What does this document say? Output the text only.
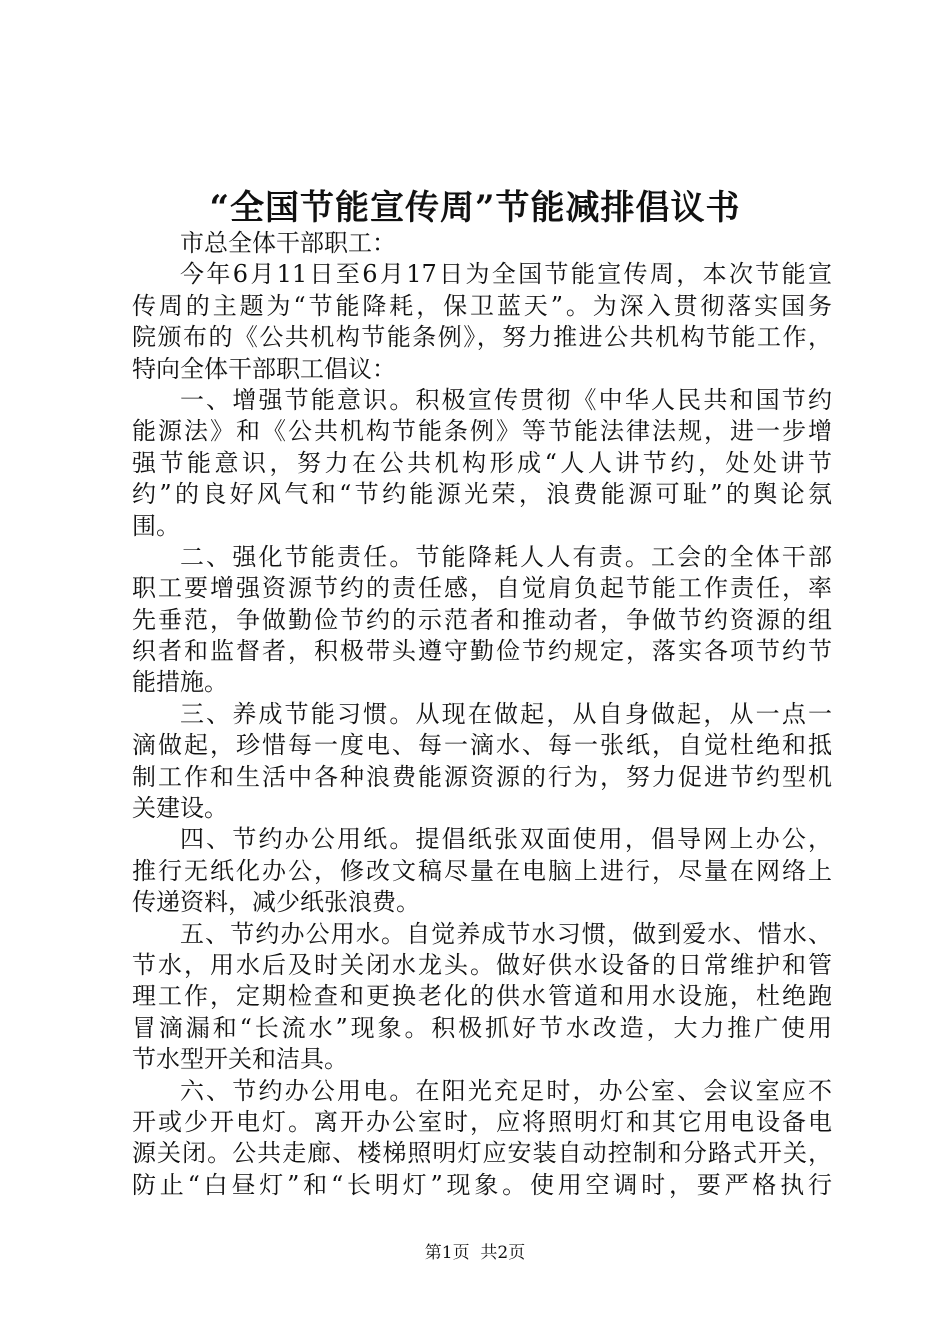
“全国节能宣传周”节能减排倡议书
市总全体干部职工：
今年6月11日至6月17日为全国节能宣传周，本次节能宣
传周的主题为“节能降耗，保卫蓝天”。为深入贯彻落实国务
院颁布的《公共机构节能条例》，努力推进公共机构节能工作，
特向全体干部职工倡议：
一、增强节能意识。积极宣传贯彻《中华人民共和国节约
能源法》和《公共机构节能条例》等节能法律法规，进一步增
强节能意识，努力在公共机构形成“人人讲节约，处处讲节
约”的良好风气和“节约能源光荣，浪费能源可耻”的舆论氛
围。
二、强化节能责任。节能降耗人人有责。工会的全体干部
职工要增强资源节约的责任感，自觉肩负起节能工作责任，率
先垂范，争做勤俭节约的示范者和推动者，争做节约资源的组
织者和监督者，积极带头遵守勤俭节约规定，落实各项节约节
能措施。
三、养成节能习惯。从现在做起，从自身做起，从一点一
滴做起，珍惜每一度电、每一滴水、每一张纸，自觉杜绝和抵
制工作和生活中各种浪费能源资源的行为，努力促进节约型机
关建设。
四、节约办公用纸。提倡纸张双面使用，倡导网上办公，
推行无纸化办公，修改文稿尽量在电脑上进行，尽量在网络上
传递资料，减少纸张浪费。
五、节约办公用水。自觉养成节水习惯，做到爱水、惜水、
节水，用水后及时关闭水龙头。做好供水设备的日常维护和管
理工作，定期检查和更换老化的供水管道和用水设施，杜绝跑
冒滴漏和“长流水”现象。积极抓好节水改造，大力推广使用
节水型开关和洁具。
六、节约办公用电。在阳光充足时，办公室、会议室应不
开或少开电灯。离开办公室时，应将照明灯和其它用电设备电
源关闭。公共走廊、楼梯照明灯应安装自动控制和分路式开关，
防止“白昼灯”和“长明灯”现象。使用空调时，要严格执行
第1页  共2页
